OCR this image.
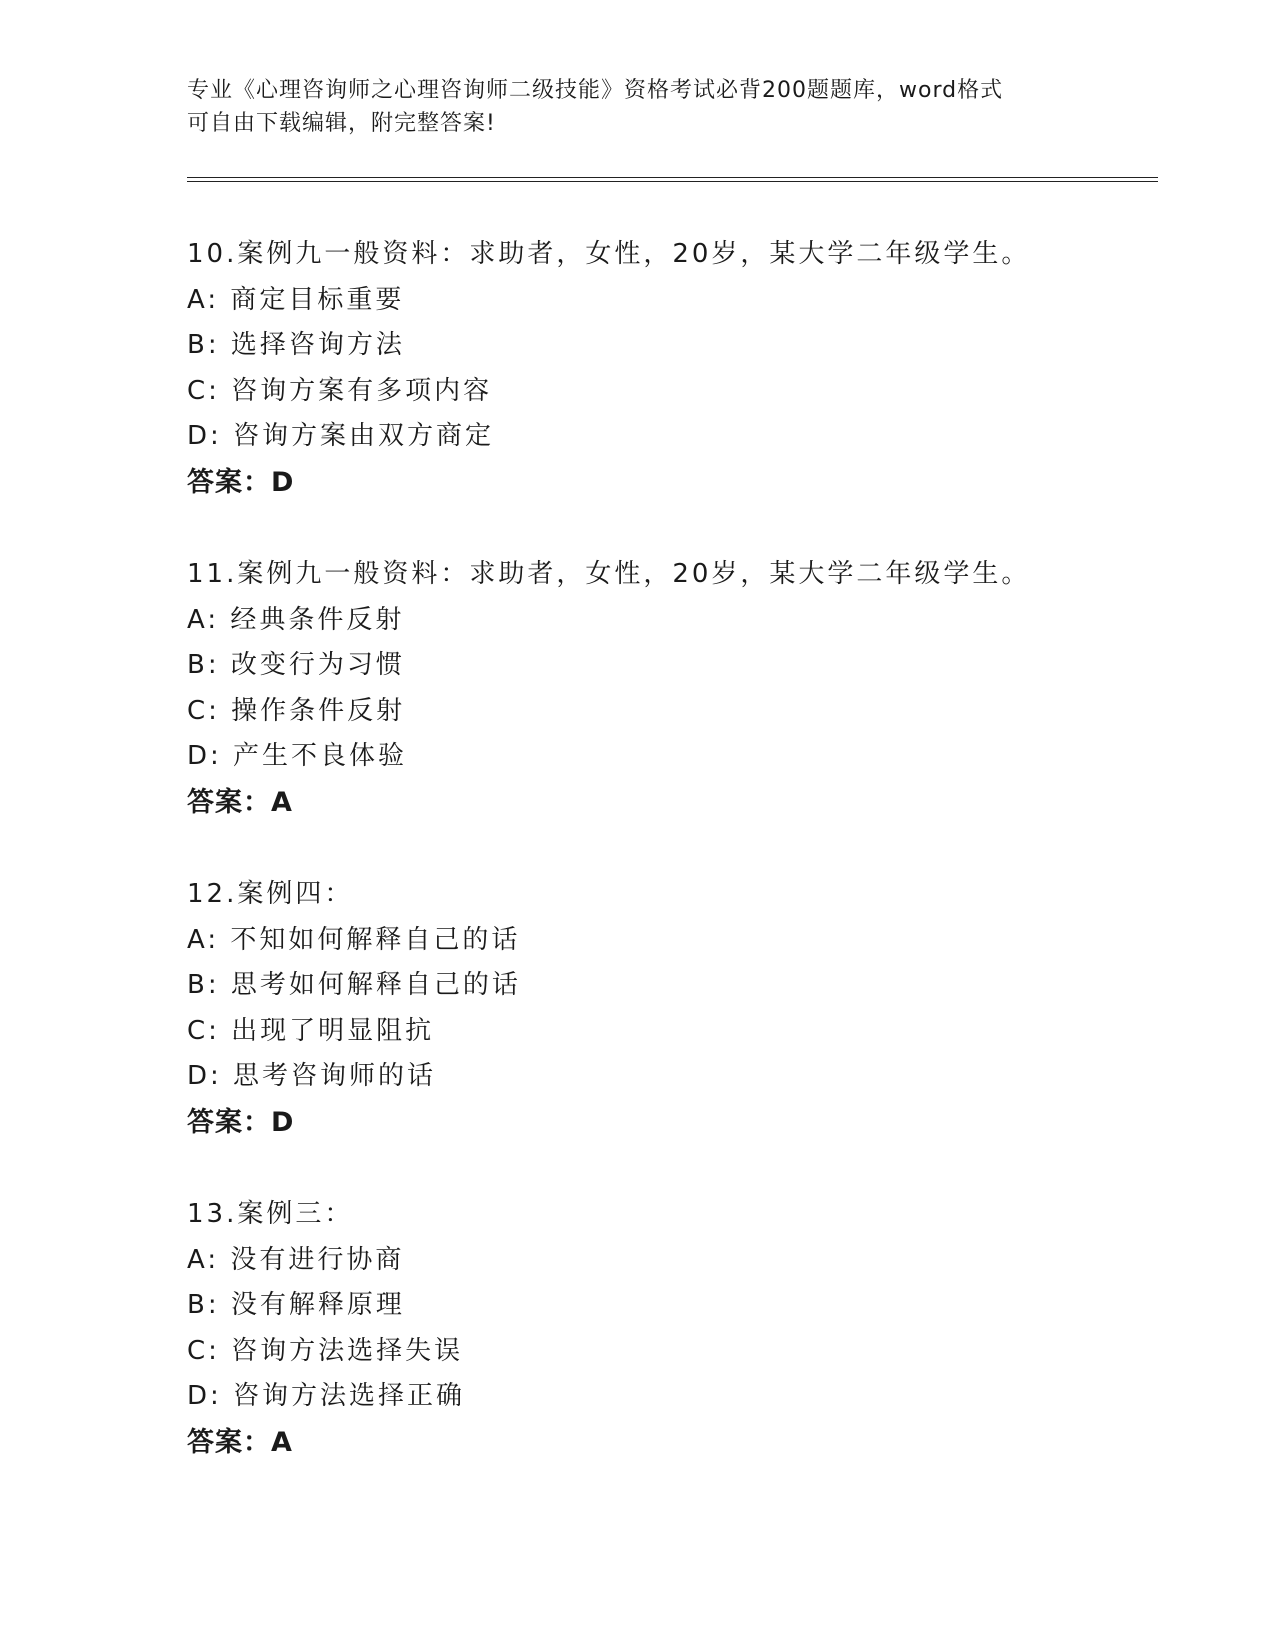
专业《心理咨询师之心理咨询师二级技能》资格考试必背200题题库，word格式
可自由下载编辑，附完整答案!
10.案例九一般资料：求助者，女性，20岁，某大学二年级学生。
A: 商定目标重要
B: 选择咨询方法
C: 咨询方案有多项内容
D: 咨询方案由双方商定
答案：D
11.案例九一般资料：求助者，女性，20岁，某大学二年级学生。
A: 经典条件反射
B: 改变行为习惯
C: 操作条件反射
D: 产生不良体验
答案：A
12.案例四：
A: 不知如何解释自己的话
B: 思考如何解释自己的话
C: 出现了明显阻抗
D: 思考咨询师的话
答案：D
13.案例三：
A: 没有进行协商
B: 没有解释原理
C: 咨询方法选择失误
D: 咨询方法选择正确
答案：A
